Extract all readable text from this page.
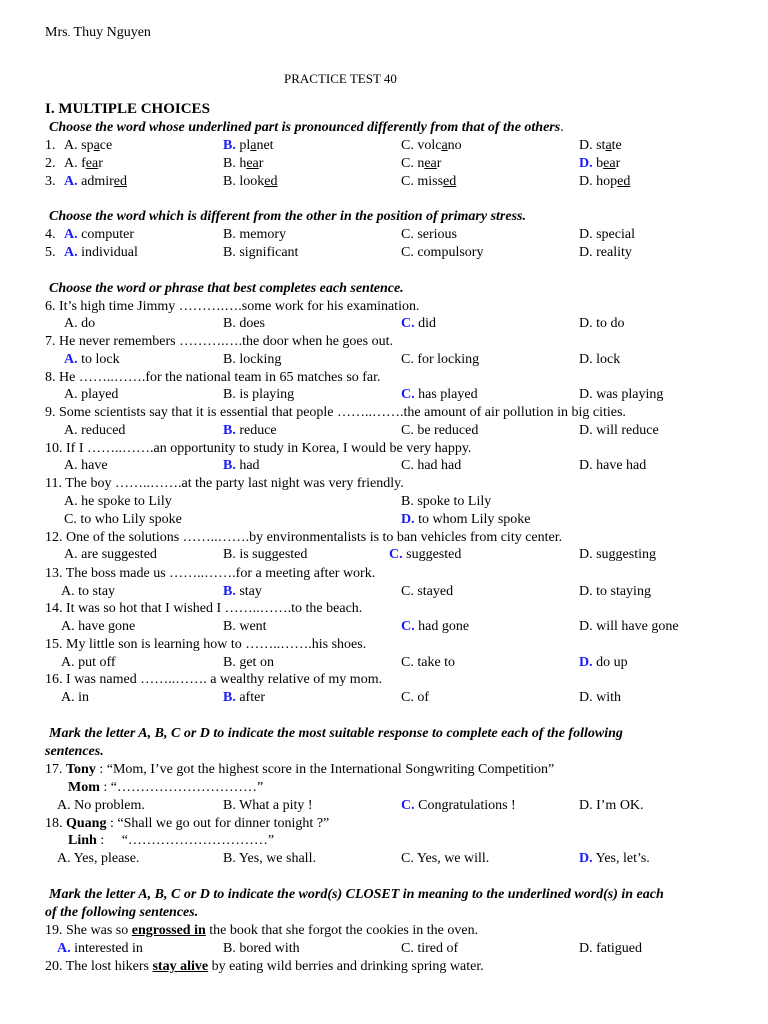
Mrs. Thuy Nguyen
PRACTICE TEST 40
I. MULTIPLE CHOICES
Choose the word whose underlined part is pronounced differently from that of the others.
1. A. space	B. planet	C. volcano	D. state
2. A. fear	B. hear	C. near	D. bear
3. A. admired	B. looked	C. missed	D. hoped
Choose the word which is different from the other in the position of primary stress.
4. A. computer	B. memory	C. serious	D. special
5. A. individual	B. significant	C. compulsory	D. reality
Choose the word or phrase that best completes each sentence.
6. It’s high time Jimmy ……….….some work for his examination.
A. do	B. does	C. did	D. to do
7. He never remembers ……….….the door when he goes out.
A. to lock	B. locking	C. for locking	D. lock
8. He ……..…….for the national team in 65 matches so far.
A. played	B. is playing	C. has played	D. was playing
9. Some scientists say that it is essential that people ……..…….the amount of air pollution in big cities.
A. reduced	B. reduce	C. be reduced	D. will reduce
10. If I ……..…….an opportunity to study in Korea, I would be very happy.
A. have	B. had	C. had had	D. have had
11. The boy ……..…….at the party last night was very friendly.
A. he spoke to Lily	B. spoke to Lily
C. to who Lily spoke	D. to whom Lily spoke
12. One of the solutions ……..…….by environmentalists is to ban vehicles from city center.
A. are suggested	B. is suggested	C. suggested	D. suggesting
13. The boss made us ……..…….for a meeting after work.
A. to stay	B. stay	C. stayed	D. to staying
14. It was so hot that I wished I ……..…….to the beach.
A. have gone	B. went	C. had gone	D. will have gone
15. My little son is learning how to ……..…….his shoes.
A. put off	B. get on	C. take to	D. do up
16. I was named ……..……. a wealthy relative of my mom.
A. in	B. after	C. of	D. with
Mark the letter A, B, C or D to indicate the most suitable response to complete each of the following
sentences.
17. Tony : “Mom, I’ve got the highest score in the International Songwriting Competition”
Mom : “…………………………”
A. No problem.	B. What a pity !	C. Congratulations !	D. I’m OK.
18. Quang : “Shall we go out for dinner tonight ?”
Linh :     “…………………………”
A. Yes, please.	B. Yes, we shall.	C. Yes, we will.	D. Yes, let’s.
Mark the letter A, B, C or D to indicate the word(s) CLOSET in meaning to the underlined word(s) in each
of the following sentences.
19. She was so engrossed in the book that she forgot the cookies in the oven.
A. interested in	B. bored with	C. tired of	D. fatigued
20. The lost hikers stay alive by eating wild berries and drinking spring water.
